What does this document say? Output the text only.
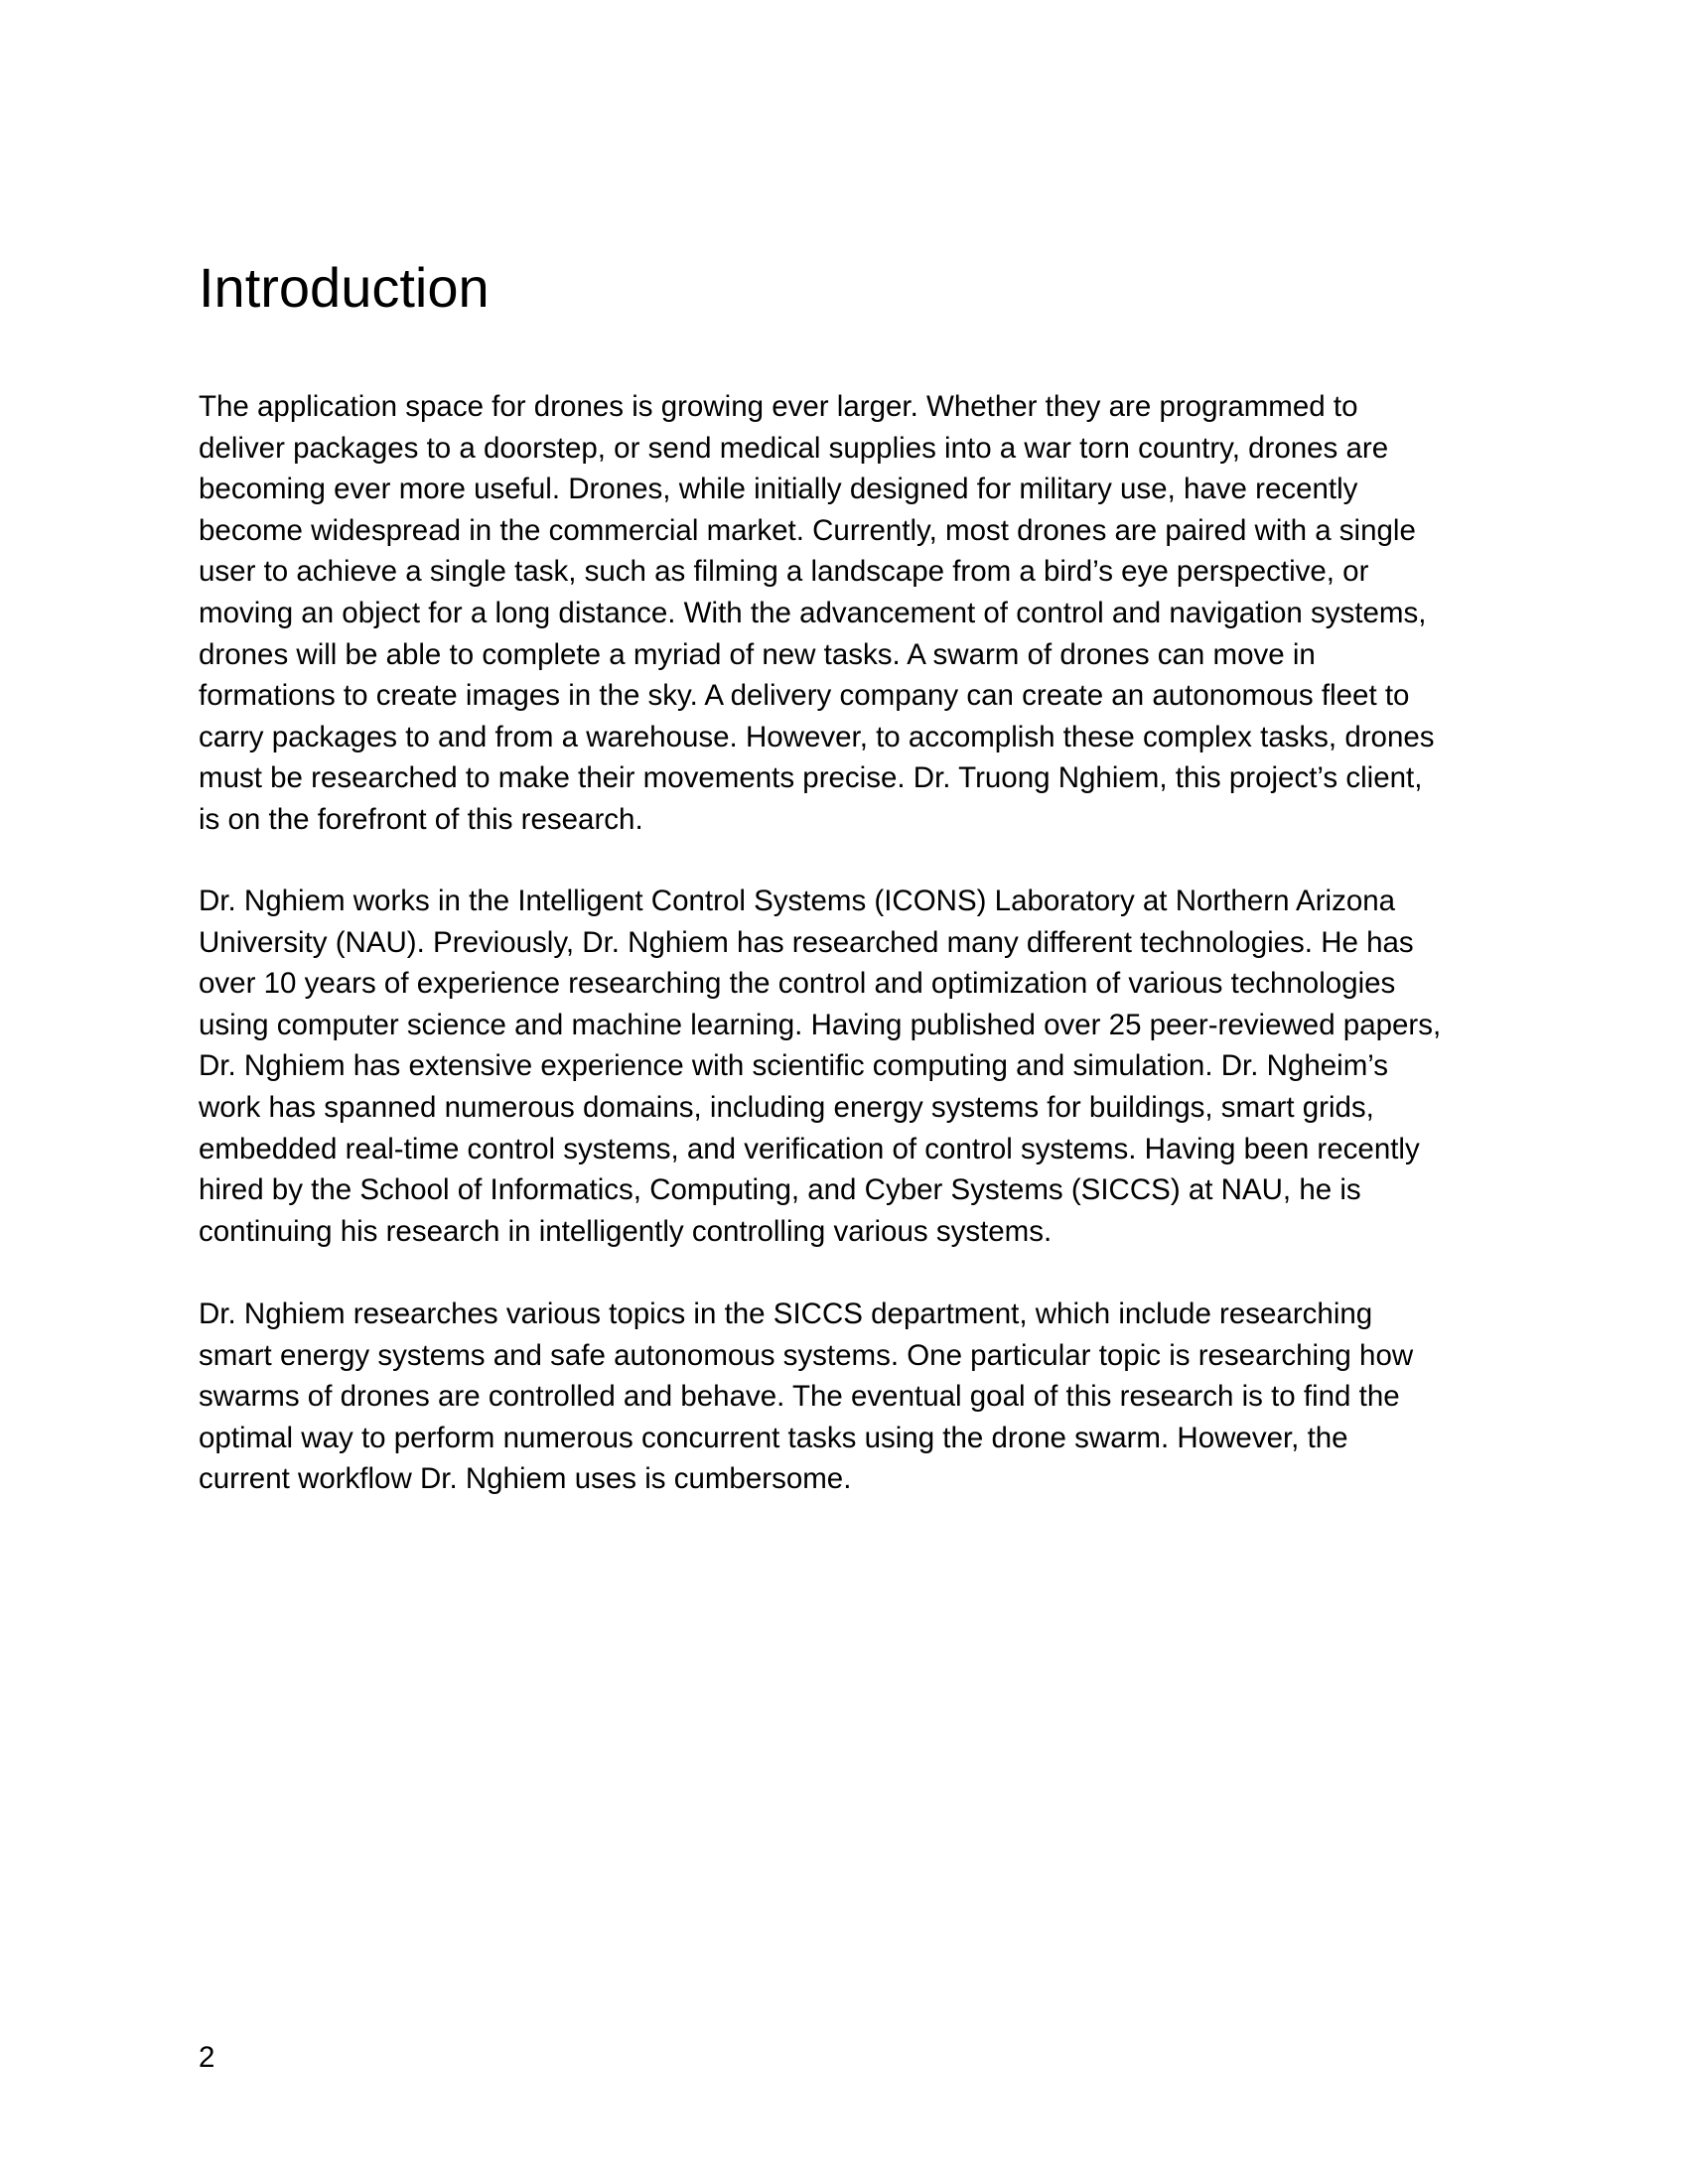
Introduction
The application space for drones is growing ever larger. Whether they are programmed to
deliver packages to a doorstep, or send medical supplies into a war torn country, drones are
becoming ever more useful. Drones, while initially designed for military use, have recently
become widespread in the commercial market. Currently, most drones are paired with a single
user to achieve a single task, such as filming a landscape from a bird’s eye perspective, or
moving an object for a long distance. With the advancement of control and navigation systems,
drones will be able to complete a myriad of new tasks. A swarm of drones can move in
formations to create images in the sky. A delivery company can create an autonomous fleet to
carry packages to and from a warehouse. However, to accomplish these complex tasks, drones
must be researched to make their movements precise. Dr. Truong Nghiem, this project’s client,
is on the forefront of this research.
Dr. Nghiem works in the Intelligent Control Systems (ICONS) Laboratory at Northern Arizona
University (NAU). Previously, Dr. Nghiem has researched many different technologies. He has
over 10 years of experience researching the control and optimization of various technologies
using computer science and machine learning. Having published over 25 peer-reviewed papers,
Dr. Nghiem has extensive experience with scientific computing and simulation. Dr. Ngheim’s
work has spanned numerous domains, including energy systems for buildings, smart grids,
embedded real-time control systems, and verification of control systems. Having been recently
hired by the School of Informatics, Computing, and Cyber Systems (SICCS) at NAU, he is
continuing his research in intelligently controlling various systems.
Dr. Nghiem researches various topics in the SICCS department, which include researching
smart energy systems and safe autonomous systems. One particular topic is researching how
swarms of drones are controlled and behave. The eventual goal of this research is to find the
optimal way to perform numerous concurrent tasks using the drone swarm. However, the
current workflow Dr. Nghiem uses is cumbersome.
2
